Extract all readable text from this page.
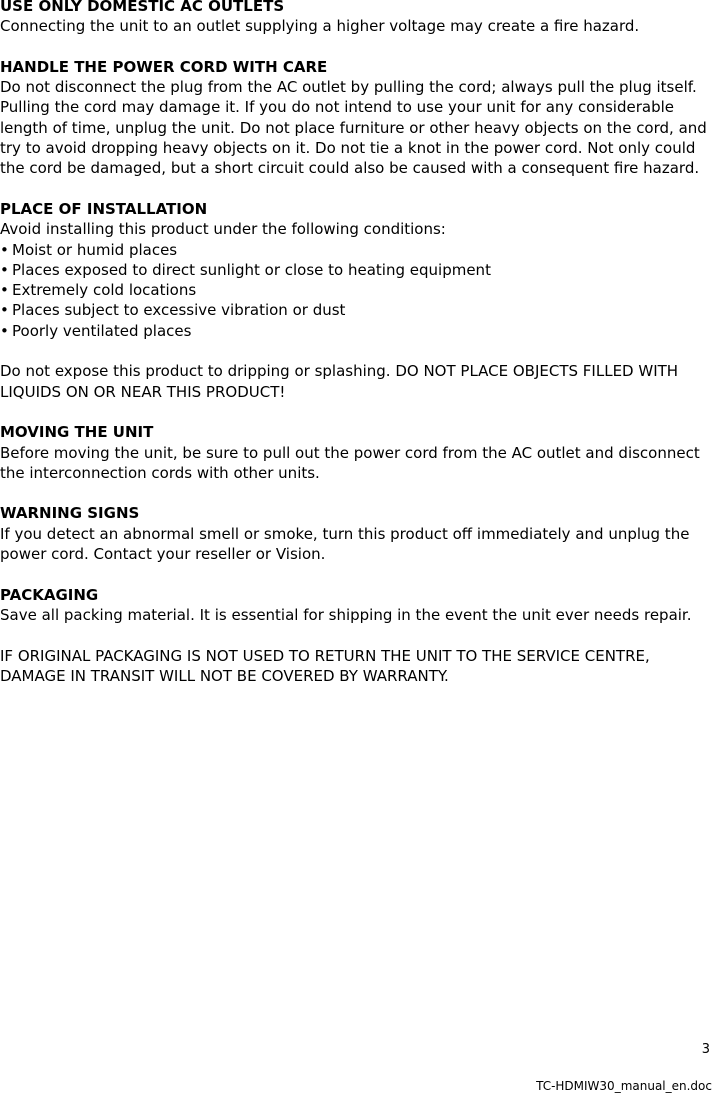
USE ONLY DOMESTIC AC OUTLETS
Connecting the unit to an outlet supplying a higher voltage may create a fire hazard.
HANDLE THE POWER CORD WITH CARE
Do not disconnect the plug from the AC outlet by pulling the cord; always pull the plug itself. Pulling the cord may damage it. If you do not intend to use your unit for any considerable length of time, unplug the unit. Do not place furniture or other heavy objects on the cord, and try to avoid dropping heavy objects on it. Do not tie a knot in the power cord. Not only could the cord be damaged, but a short circuit could also be caused with a consequent fire hazard.
PLACE OF INSTALLATION
Avoid installing this product under the following conditions:
• Moist or humid places
• Places exposed to direct sunlight or close to heating equipment
• Extremely cold locations
• Places subject to excessive vibration or dust
• Poorly ventilated places
Do not expose this product to dripping or splashing. DO NOT PLACE OBJECTS FILLED WITH LIQUIDS ON OR NEAR THIS PRODUCT!
MOVING THE UNIT
Before moving the unit, be sure to pull out the power cord from the AC outlet and disconnect the interconnection cords with other units.
WARNING SIGNS
If you detect an abnormal smell or smoke, turn this product off immediately and unplug the power cord. Contact your reseller or Vision.
PACKAGING
Save all packing material. It is essential for shipping in the event the unit ever needs repair.
IF ORIGINAL PACKAGING IS NOT USED TO RETURN THE UNIT TO THE SERVICE CENTRE, DAMAGE IN TRANSIT WILL NOT BE COVERED BY WARRANTY.
3
TC-HDMIW30_manual_en.doc
